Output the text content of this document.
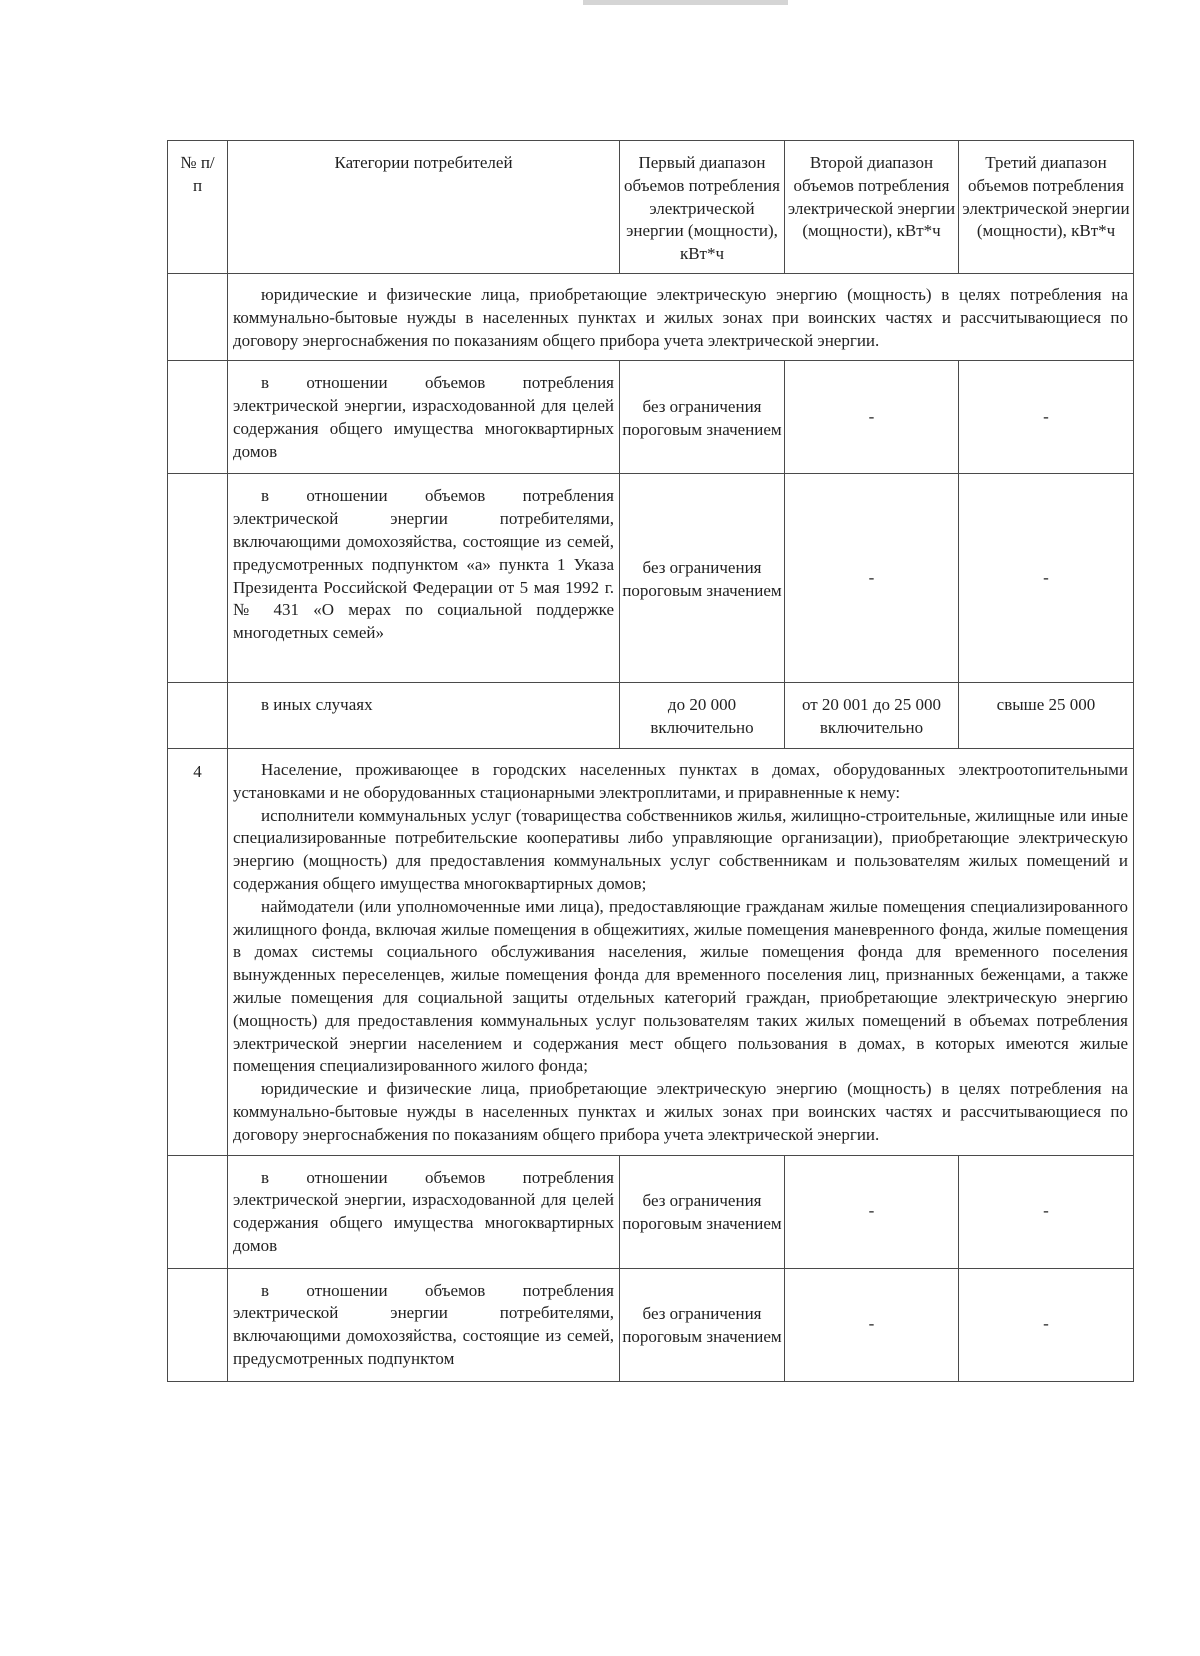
№ п/п	Категории потребителей	Первый диапазон объемов потребления электрической энергии (мощности), кВт*ч	Второй диапазон объемов потребления электрической энергии (мощности), кВт*ч	Третий диапазон объемов потребления электрической энергии (мощности), кВт*ч

	юридические и физические лица, приобретающие электрическую энергию (мощность) в целях потребления на коммунально-бытовые нужды в населенных пунктах и жилых зонах при воинских частях и рассчитывающиеся по договору энергоснабжения по показаниям общего прибора учета электрической энергии.			

	в отношении объемов потребления электрической энергии, израсходованной для целей содержания общего имущества многоквартирных домов	без ограничения пороговым значением	-	-
	в отношении объемов потребления электрической энергии потребителями, включающими домохозяйства, состоящие из семей, предусмотренных подпунктом «а» пункта 1 Указа Президента Российской Федерации от 5 мая 1992 г. № 431 «О мерах по социальной поддержке многодетных семей»	без ограничения пороговым значением	-	-
	в иных случаях	до 20 000 включительно	от 20 001 до 25 000 включительно	свыше 25 000
4	Население, проживающее в городских населенных пунктах в домах, оборудованных электроотопительными установками и не оборудованных стационарными электроплитами, и приравненные к нему:

исполнители коммунальных услуг (товарищества собственников жилья, жилищно-строительные, жилищные или иные специализированные потребительские кооперативы либо управляющие организации), приобретающие электрическую энергию (мощность) для предоставления коммунальных услуг собственникам и пользователям жилых помещений и содержания общего имущества многоквартирных домов;

наймодатели (или уполномоченные ими лица), предоставляющие гражданам жилые помещения специализированного жилищного фонда, включая жилые помещения в общежитиях, жилые помещения маневренного фонда, жилые помещения в домах системы социального обслуживания населения, жилые помещения фонда для временного поселения вынужденных переселенцев, жилые помещения фонда для временного поселения лиц, признанных беженцами, а также жилые помещения для социальной защиты отдельных категорий граждан, приобретающие электрическую энергию (мощность) для предоставления коммунальных услуг пользователям таких жилых помещений в объемах потребления электрической энергии населением и содержания мест общего пользования в домах, в которых имеются жилые помещения специализированного жилого фонда;

юридические и физические лица, приобретающие электрическую энергию (мощность) в целях потребления на коммунально-бытовые нужды в населенных пунктах и жилых зонах при воинских частях и рассчитывающиеся по договору энергоснабжения по показаниям общего прибора учета электрической энергии.			

	в отношении объемов потребления электрической энергии, израсходованной для целей содержания общего имущества многоквартирных домов	без ограничения пороговым значением	-	-
	в отношении объемов потребления электрической энергии потребителями, включающими домохозяйства, состоящие из семей, предусмотренных подпунктом	без ограничения пороговым значением	-	-
